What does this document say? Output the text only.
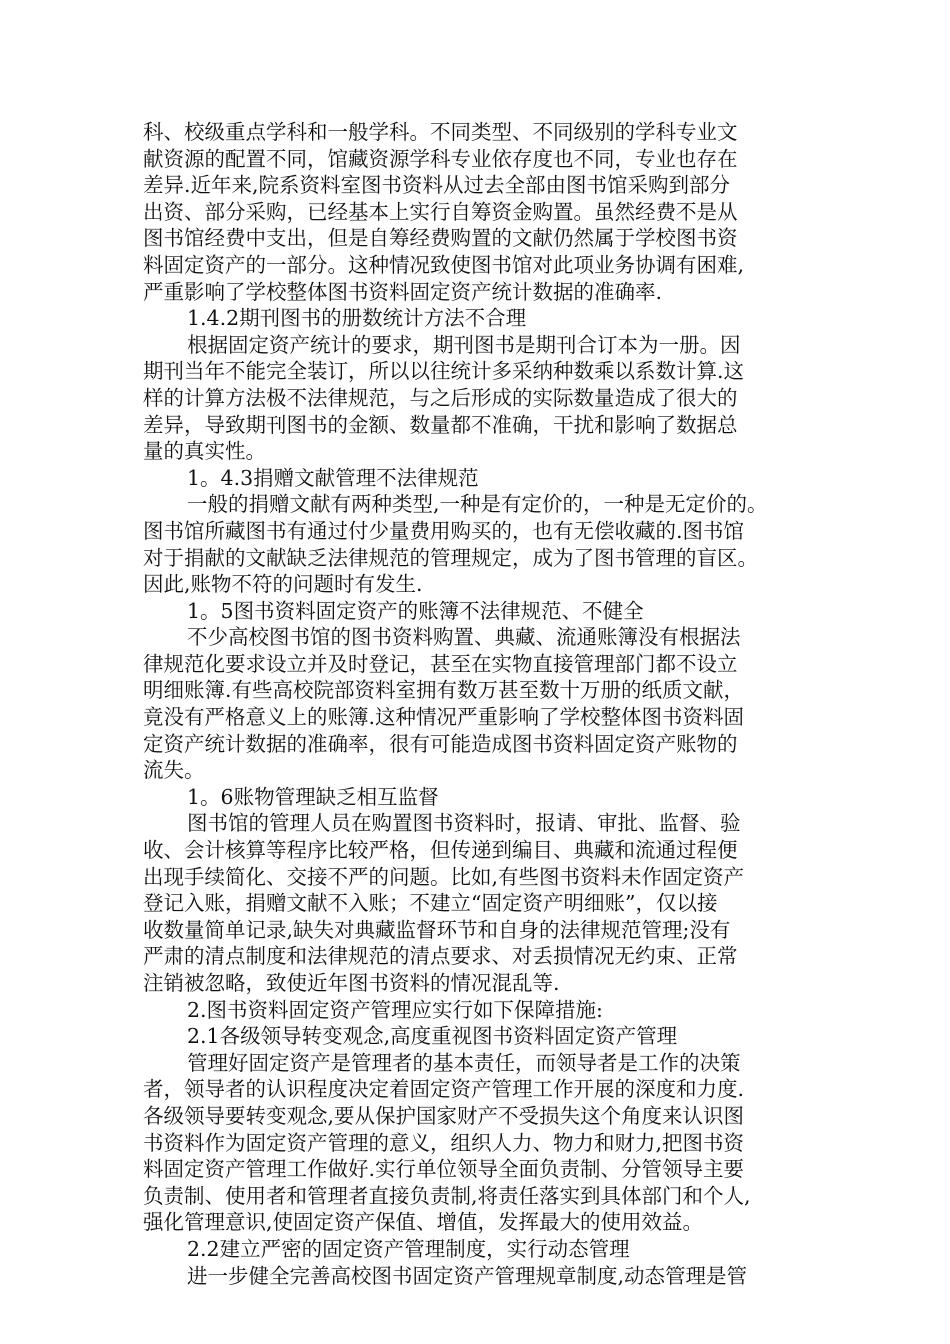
科、校级重点学科和一般学科。不同类型、不同级别的学科专业文
献资源的配置不同，馆藏资源学科专业依存度也不同，专业也存在
差异.近年来,院系资料室图书资料从过去全部由图书馆采购到部分
出资、部分采购，已经基本上实行自筹资金购置。虽然经费不是从
图书馆经费中支出，但是自筹经费购置的文献仍然属于学校图书资
料固定资产的一部分。这种情况致使图书馆对此项业务协调有困难,
严重影响了学校整体图书资料固定资产统计数据的准确率.
1.4.2期刊图书的册数统计方法不合理
根据固定资产统计的要求，期刊图书是期刊合订本为一册。因
期刊当年不能完全装订，所以以往统计多采纳种数乘以系数计算.这
样的计算方法极不法律规范，与之后形成的实际数量造成了很大的
差异，导致期刊图书的金额、数量都不准确，干扰和影响了数据总
量的真实性。
1。4.3捐赠文献管理不法律规范
一般的捐赠文献有两种类型,一种是有定价的，一种是无定价的。
图书馆所藏图书有通过付少量费用购买的，也有无偿收藏的.图书馆
对于捐献的文献缺乏法律规范的管理规定，成为了图书管理的盲区。
因此,账物不符的问题时有发生.
1。5图书资料固定资产的账簿不法律规范、不健全
不少高校图书馆的图书资料购置、典藏、流通账簿没有根据法
律规范化要求设立并及时登记，甚至在实物直接管理部门都不设立
明细账簿.有些高校院部资料室拥有数万甚至数十万册的纸质文献，
竟没有严格意义上的账簿.这种情况严重影响了学校整体图书资料固
定资产统计数据的准确率，很有可能造成图书资料固定资产账物的
流失。
1。6账物管理缺乏相互监督
图书馆的管理人员在购置图书资料时，报请、审批、监督、验
收、会计核算等程序比较严格，但传递到编目、典藏和流通过程便
出现手续简化、交接不严的问题。比如,有些图书资料未作固定资产
登记入账，捐赠文献不入账；不建立“固定资产明细账”，仅以接
收数量简单记录,缺失对典藏监督环节和自身的法律规范管理;没有
严肃的清点制度和法律规范的清点要求、对丢损情况无约束、正常
注销被忽略，致使近年图书资料的情况混乱等.
2.图书资料固定资产管理应实行如下保障措施:
2.1各级领导转变观念,高度重视图书资料固定资产管理
管理好固定资产是管理者的基本责任，而领导者是工作的决策
者，领导者的认识程度决定着固定资产管理工作开展的深度和力度.
各级领导要转变观念,要从保护国家财产不受损失这个角度来认识图
书资料作为固定资产管理的意义，组织人力、物力和财力,把图书资
料固定资产管理工作做好.实行单位领导全面负责制、分管领导主要
负责制、使用者和管理者直接负责制,将责任落实到具体部门和个人,
强化管理意识,使固定资产保值、增值，发挥最大的使用效益。
2.2建立严密的固定资产管理制度，实行动态管理
进一步健全完善高校图书固定资产管理规章制度,动态管理是管
